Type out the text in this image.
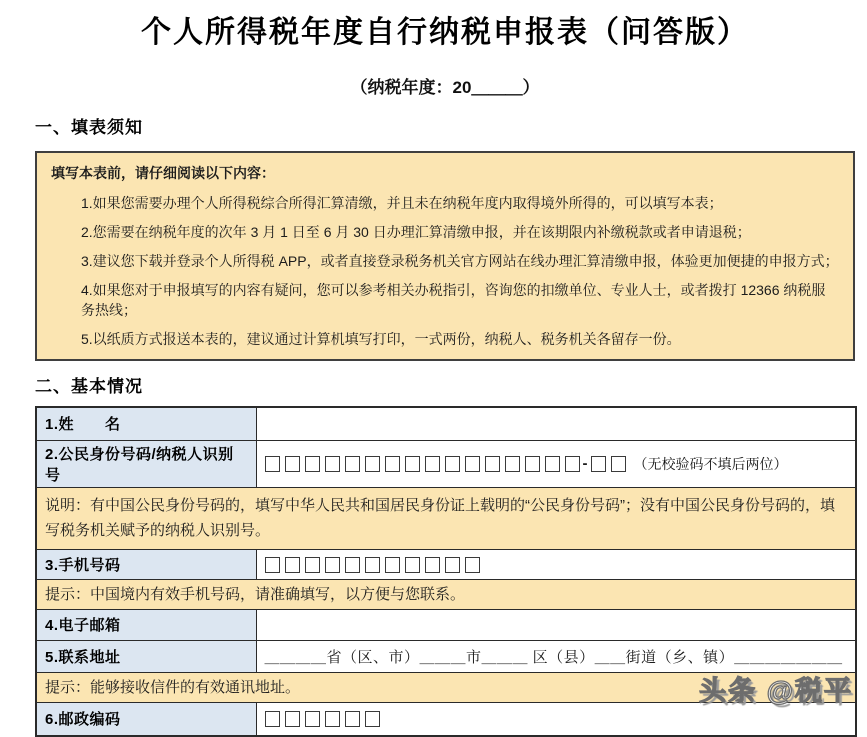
个人所得税年度自行纳税申报表（问答版）
（纳税年度：20＿＿＿）
一、填表须知

填写本表前，请仔细阅读以下内容：

1.如果您需要办理个人所得税综合所得汇算清缴，并且未在纳税年度内取得境外所得的，可以填写本表；

2.您需要在纳税年度的次年 3 月 1 日至 6 月 30 日办理汇算清缴申报，并在该期限内补缴税款或者申请退税；

3.建议您下载并登录个人所得税 APP，或者直接登录税务机关官方网站在线办理汇算清缴申报，体验更加便捷的申报方式；

4.如果您对于申报填写的内容有疑问，您可以参考相关办税指引，咨询您的扣缴单位、专业人士，或者拨打 12366 纳税服务热线；

5.以纸质方式报送本表的，建议通过计算机填写打印，一式两份，纳税人、税务机关各留存一份。

二、基本情况
1.姓　　名	
2.公民身份号码/纳税人识别号	- （无校验码不填后两位）
说明：有中国公民身份号码的，填写中华人民共和国居民身份证上载明的“公民身份号码”；没有中国公民身份号码的，填写税务机关赋予的纳税人识别号。	
3.手机号码	

提示：中国境内有效手机号码，请准确填写，以方便与您联系。	
4.电子邮箱	
5.联系地址	＿＿＿＿省（区、市）＿＿＿市＿＿＿ 区（县）＿＿街道（乡、镇）＿＿＿＿＿＿＿
提示：能够接收信件的有效通讯地址。	
6.邮政编码	
头条 @税平
